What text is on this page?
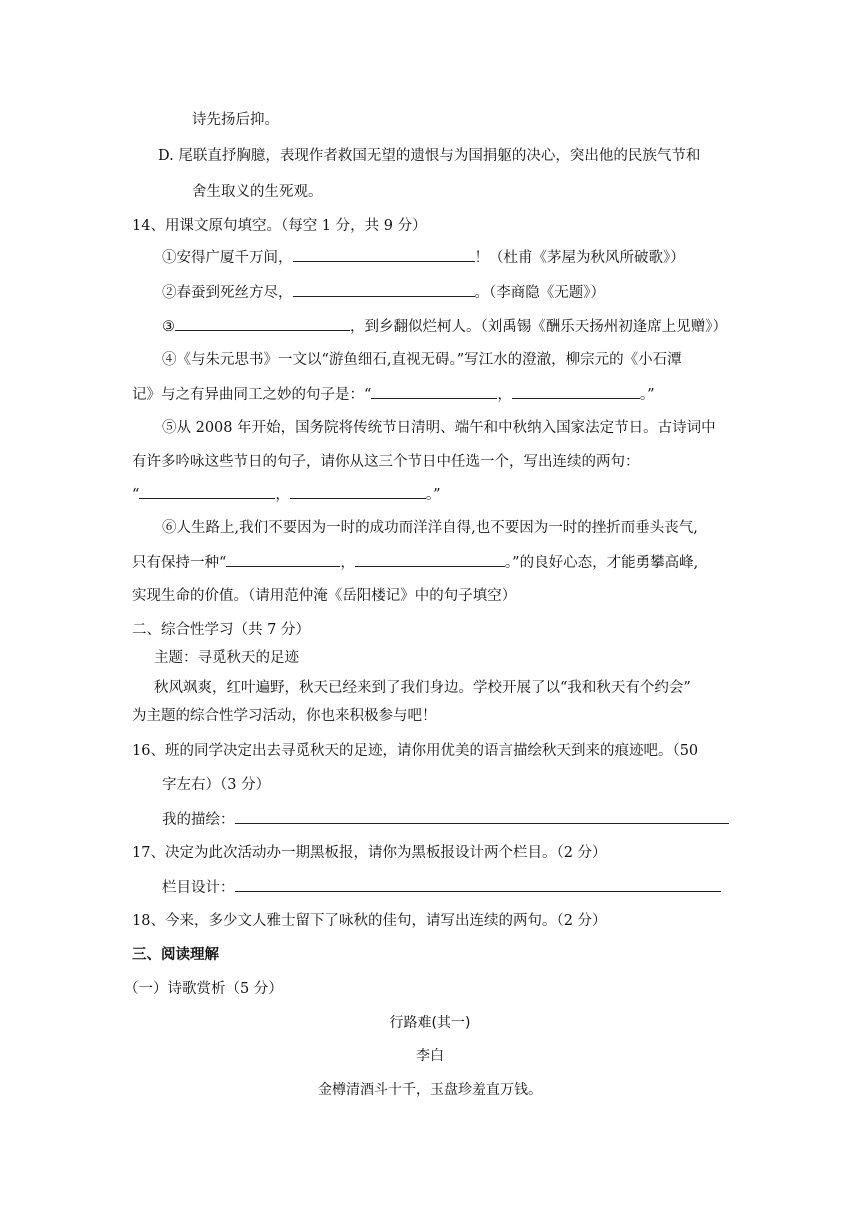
诗先扬后抑。
D. 尾联直抒胸臆，表现作者救国无望的遗恨与为国捐躯的决心，突出他的民族气节和
舍生取义的生死观。
14、用课文原句填空。（每空 1 分，共 9 分）
①安得广厦千万间，	！（杜甫《茅屋为秋风所破歌》）
②春蚕到死丝方尽，	。（李商隐《无题》）
③	，到乡翻似烂柯人。（刘禹锡《酬乐天扬州初逢席上见赠》）
④《与朱元思书》一文以“游鱼细石,直视无碍。”写江水的澄澈，柳宗元的《小石潭
记》与之有异曲同工之妙的句子是：“	，	。”
⑤从 2008 年开始，国务院将传统节日清明、端午和中秋纳入国家法定节日。古诗词中
有许多吟咏这些节日的句子，请你从这三个节日中任选一个，写出连续的两句：
“	，	。”
⑥人生路上,我们不要因为一时的成功而洋洋自得,也不要因为一时的挫折而垂头丧气,
只有保持一种“	，	。”的良好心态，才能勇攀高峰,
实现生命的价值。（请用范仲淹《岳阳楼记》中的句子填空）
二、综合性学习（共 7 分）
主题：寻觅秋天的足迹
秋风飒爽，红叶遍野，秋天已经来到了我们身边。学校开展了以“我和秋天有个约会”
为主题的综合性学习活动，你也来积极参与吧！
16、班的同学决定出去寻觅秋天的足迹，请你用优美的语言描绘秋天到来的痕迹吧。（50
字左右）（3 分）
我的描绘：
17、决定为此次活动办一期黑板报，请你为黑板报设计两个栏目。（2 分）
栏目设计：
18、今来，多少文人雅士留下了咏秋的佳句，请写出连续的两句。（2 分）
三、阅读理解
（一）诗歌赏析（5 分）
行路难(其一)
李白
金樽清酒斗十千，玉盘珍羞直万钱。
